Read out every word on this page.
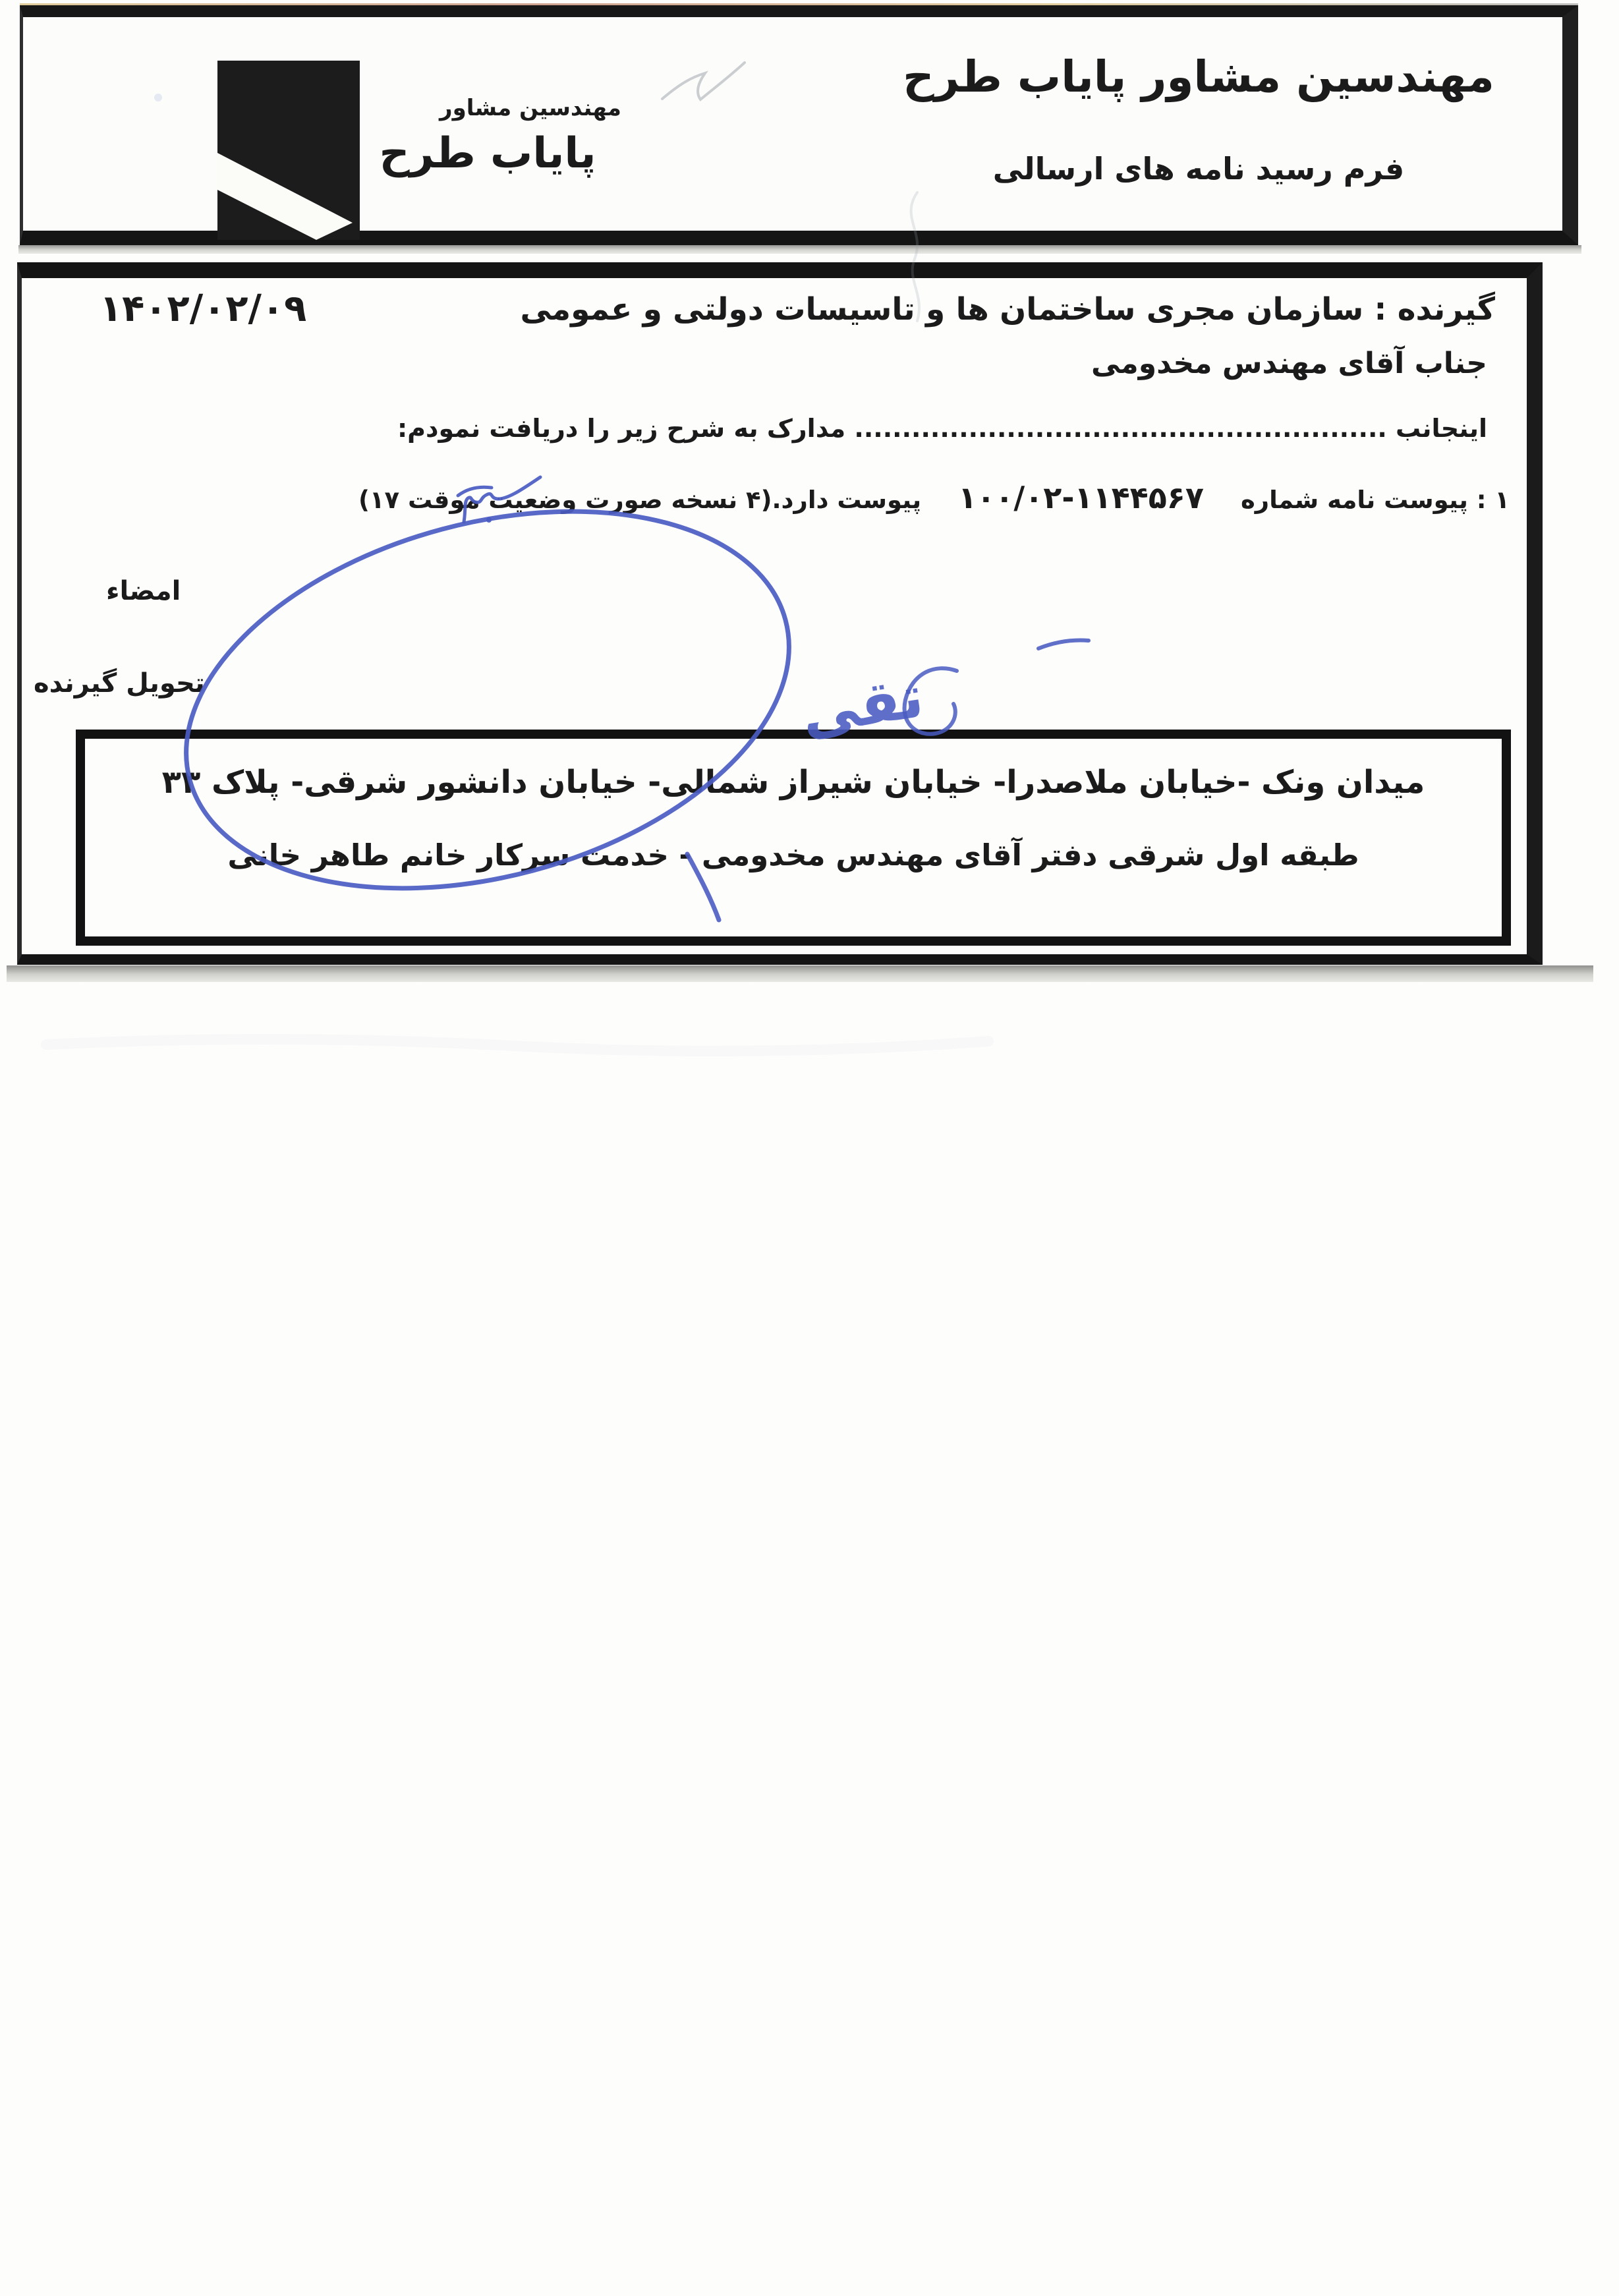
مهندسین مشاور
پایاب طرح
مهندسین مشاور پایاب طرح
فرم رسید نامه های ارسالی
۱۴۰۲/۰۲/۰۹	گیرنده : سازمان مجری ساختمان ها و تاسیسات دولتی و عمومی
جناب آقای مهندس مخدومی
اینجانب ........................................................ مدارک به شرح زیر را دریافت نمودم:
۱ : پیوست نامه شماره
۱۰۰/۰۲-۱۱۴۴۵۶۷
پیوست دارد.(۴ نسخه صورت وضعیت موقت ۱۷)
امضاء
تحویل گیرنده
میدان ونک -خیابان ملاصدرا- خیابان شیراز شمالی- خیابان دانشور شرقی- پلاک ۳۳
طبقه اول شرقی دفتر آقای مهندس مخدومی - خدمت سرکار خانم طاهر خانی
تقی
